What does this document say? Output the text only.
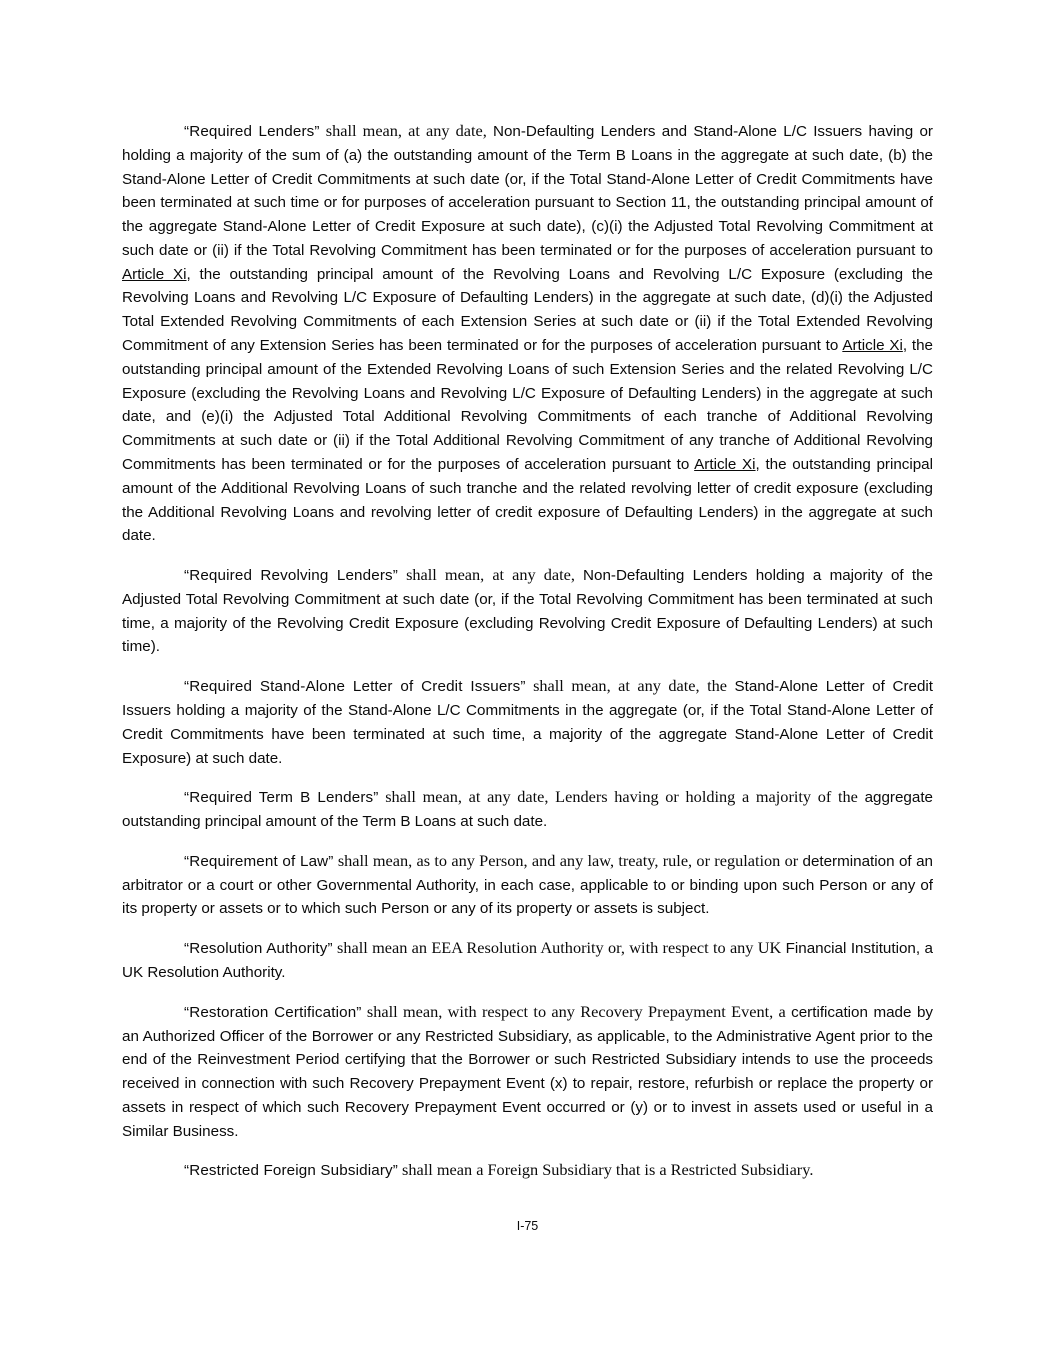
“Required Lenders” shall mean, at any date, Non-Defaulting Lenders and Stand-Alone L/C Issuers having or holding a majority of the sum of (a) the outstanding amount of the Term B Loans in the aggregate at such date, (b) the Stand-Alone Letter of Credit Commitments at such date (or, if the Total Stand-Alone Letter of Credit Commitments have been terminated at such time or for purposes of acceleration pursuant to Section 11, the outstanding principal amount of the aggregate Stand-Alone Letter of Credit Exposure at such date), (c)(i) the Adjusted Total Revolving Commitment at such date or (ii) if the Total Revolving Commitment has been terminated or for the purposes of acceleration pursuant to Article Xi, the outstanding principal amount of the Revolving Loans and Revolving L/C Exposure (excluding the Revolving Loans and Revolving L/C Exposure of Defaulting Lenders) in the aggregate at such date, (d)(i) the Adjusted Total Extended Revolving Commitments of each Extension Series at such date or (ii) if the Total Extended Revolving Commitment of any Extension Series has been terminated or for the purposes of acceleration pursuant to Article Xi, the outstanding principal amount of the Extended Revolving Loans of such Extension Series and the related Revolving L/C Exposure (excluding the Revolving Loans and Revolving L/C Exposure of Defaulting Lenders) in the aggregate at such date, and (e)(i) the Adjusted Total Additional Revolving Commitments of each tranche of Additional Revolving Commitments at such date or (ii) if the Total Additional Revolving Commitment of any tranche of Additional Revolving Commitments has been terminated or for the purposes of acceleration pursuant to Article Xi, the outstanding principal amount of the Additional Revolving Loans of such tranche and the related revolving letter of credit exposure (excluding the Additional Revolving Loans and revolving letter of credit exposure of Defaulting Lenders) in the aggregate at such date.

“Required Revolving Lenders” shall mean, at any date, Non-Defaulting Lenders holding a majority of the Adjusted Total Revolving Commitment at such date (or, if the Total Revolving Commitment has been terminated at such time, a majority of the Revolving Credit Exposure (excluding Revolving Credit Exposure of Defaulting Lenders) at such time).

“Required Stand-Alone Letter of Credit Issuers” shall mean, at any date, the Stand-Alone Letter of Credit Issuers holding a majority of the Stand-Alone L/C Commitments in the aggregate (or, if the Total Stand-Alone Letter of Credit Commitments have been terminated at such time, a majority of the aggregate Stand-Alone Letter of Credit Exposure) at such date.

“Required Term B Lenders” shall mean, at any date, Lenders having or holding a majority of the aggregate outstanding principal amount of the Term B Loans at such date.

“Requirement of Law” shall mean, as to any Person, and any law, treaty, rule, or regulation or determination of an arbitrator or a court or other Governmental Authority, in each case, applicable to or binding upon such Person or any of its property or assets or to which such Person or any of its property or assets is subject.

“Resolution Authority” shall mean an EEA Resolution Authority or, with respect to any UK Financial Institution, a UK Resolution Authority.

“Restoration Certification” shall mean, with respect to any Recovery Prepayment Event, a certification made by an Authorized Officer of the Borrower or any Restricted Subsidiary, as applicable, to the Administrative Agent prior to the end of the Reinvestment Period certifying that the Borrower or such Restricted Subsidiary intends to use the proceeds received in connection with such Recovery Prepayment Event (x) to repair, restore, refurbish or replace the property or assets in respect of which such Recovery Prepayment Event occurred or (y) or to invest in assets used or useful in a Similar Business.

“Restricted Foreign Subsidiary” shall mean a Foreign Subsidiary that is a Restricted Subsidiary.

I-75
